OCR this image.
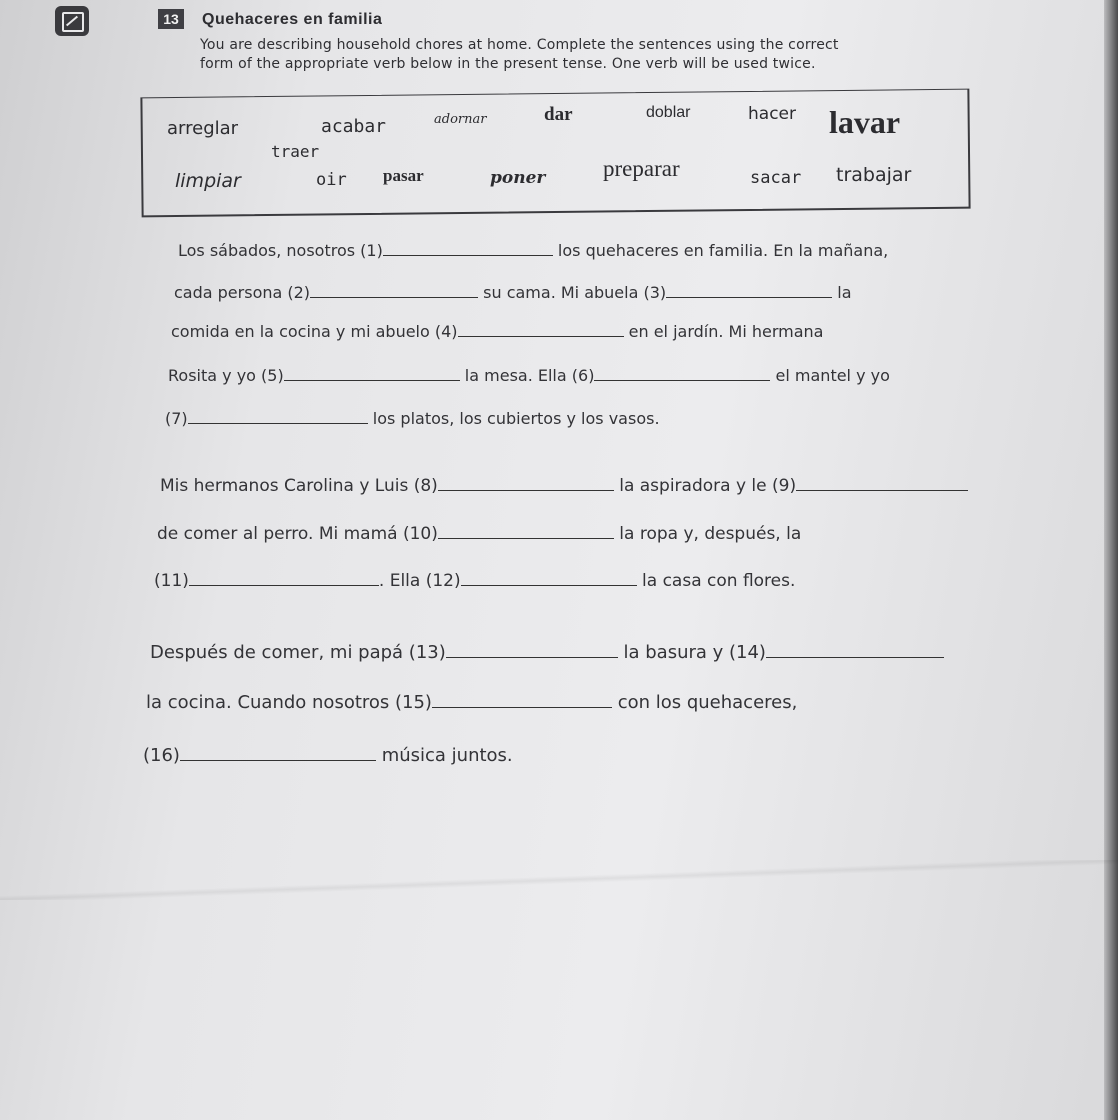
13	Quehaceres en familia
You are describing household chores at home. Complete the sentences using the correct
form of the appropriate verb below in the present tense. One verb will be used twice.
arreglar	acabar	adornar	dar	doblar	hacer lavar
traer
limpiar	oir pasar	poner	preparar	sacar trabajar
Los sábados, nosotros (1)	los quehaceres en familia. En la mañana,
cada persona (2)	su cama. Mi abuela (3)	la
comida en la cocina y mi abuelo (4)	en el jardín. Mi hermana
Rosita y yo (5)	la mesa. Ella (6)	el mantel y yo
(7)	los platos, los cubiertos y los vasos.
Mis hermanos Carolina y Luis (8)	la aspiradora y le (9)
de comer al perro. Mi mamá (10)	la ropa y, después, la
(11)	. Ella (12)	la casa con flores.
Después de comer, mi papá (13)	la basura y (14)
la cocina. Cuando nosotros (15)	con los quehaceres,
(16)	música juntos.
